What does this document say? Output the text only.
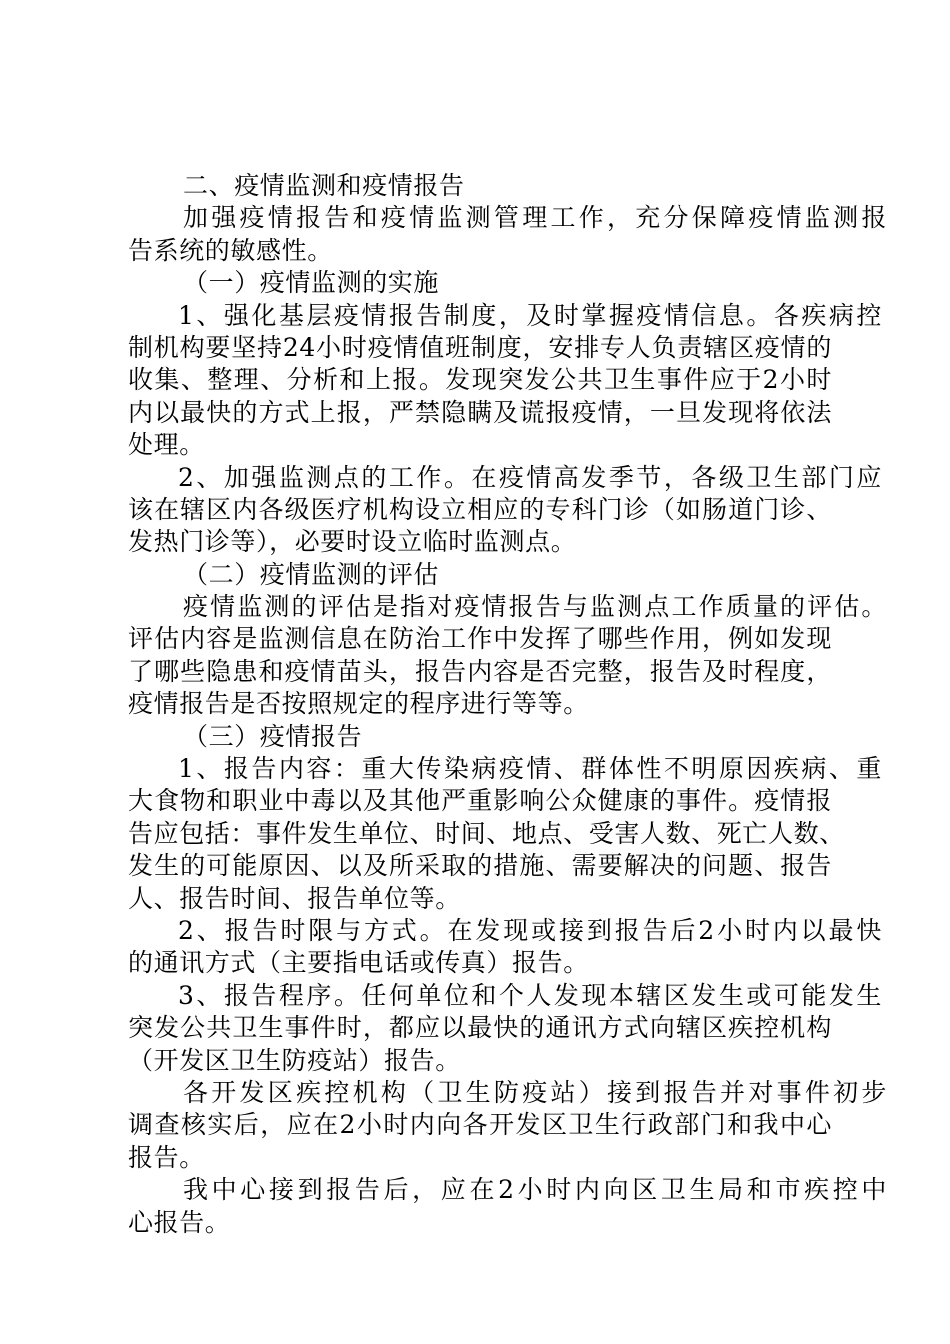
二、疫情监测和疫情报告
加强疫情报告和疫情监测管理工作，充分保障疫情监测报
告系统的敏感性。
（一）疫情监测的实施
1、强化基层疫情报告制度，及时掌握疫情信息。各疾病控
制机构要坚持24小时疫情值班制度，安排专人负责辖区疫情的
收集、整理、分析和上报。发现突发公共卫生事件应于2小时
内以最快的方式上报，严禁隐瞒及谎报疫情，一旦发现将依法
处理。
2、加强监测点的工作。在疫情高发季节，各级卫生部门应
该在辖区内各级医疗机构设立相应的专科门诊（如肠道门诊、
发热门诊等），必要时设立临时监测点。
（二）疫情监测的评估
疫情监测的评估是指对疫情报告与监测点工作质量的评估。
评估内容是监测信息在防治工作中发挥了哪些作用，例如发现
了哪些隐患和疫情苗头，报告内容是否完整，报告及时程度，
疫情报告是否按照规定的程序进行等等。
（三）疫情报告
1、报告内容：重大传染病疫情、群体性不明原因疾病、重
大食物和职业中毒以及其他严重影响公众健康的事件。疫情报
告应包括：事件发生单位、时间、地点、受害人数、死亡人数、
发生的可能原因、以及所采取的措施、需要解决的问题、报告
人、报告时间、报告单位等。
2、报告时限与方式。在发现或接到报告后2小时内以最快
的通讯方式（主要指电话或传真）报告。
3、报告程序。任何单位和个人发现本辖区发生或可能发生
突发公共卫生事件时，都应以最快的通讯方式向辖区疾控机构
（开发区卫生防疫站）报告。
各开发区疾控机构（卫生防疫站）接到报告并对事件初步
调查核实后，应在2小时内向各开发区卫生行政部门和我中心
报告。
我中心接到报告后，应在2小时内向区卫生局和市疾控中
心报告。
